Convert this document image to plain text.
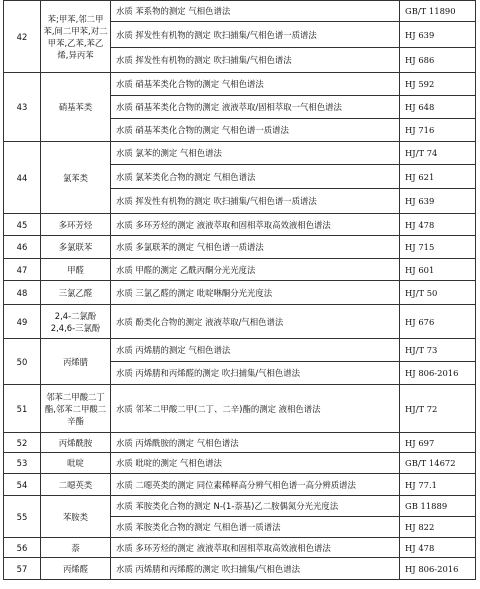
42	苯;甲苯,邻二甲苯,间二甲苯,对二甲苯,乙苯,苯乙烯,异丙苯	水质 苯系物的测定 气相色谱法	GB/T 11890
		水质 挥发性有机物的测定 吹扫捕集/气相色谱一质谱法	HJ 639
		水质 挥发性有机物的测定 吹扫捕集/气相色谱法	HJ 686
43	硝基苯类	水质 硝基苯类化合物的测定 气相色谱法	HJ 592
		水质 硝基苯类化合物的测定 液液萃取/固相萃取一气相色谱法	HJ 648
		水质 硝基苯类化合物的测定 气相色谱一质谱法	HJ 716
44	氯苯类	水质 氯苯的测定 气相色谱法	HJ/T 74
		水质 氯苯类化合物的测定 气相色谱法	HJ 621
		水质 挥发性有机物的测定 吹扫捕集/气相色谱一质谱法	HJ 639
45	多环芳烃	水质 多环芳烃的测定 液液萃取和固相萃取高效液相色谱法	HJ 478
46	多氯联苯	水质 多氯联苯的测定 气相色谱一质谱法	HJ 715
47	甲醛	水质 甲醛的测定 乙酰丙酮分光光度法	HJ 601
48	三氯乙醛	水质 三氯乙醛的测定 吡啶啉酮分光光度法	HJ/T 50
49	2,4-二氯酚 2,4,6-三氯酚	水质 酚类化合物的测定 液液萃取/气相色谱法	HJ 676
50	丙烯腈	水质 丙烯腈的测定 气相色谱法	HJ/T 73
		水质 丙烯腈和丙烯醛的测定 吹扫捕集/气相色谱法	HJ 806-2016
51	邻苯二甲酸二丁酯,邻苯二甲酸二辛酯	水质 邻苯二甲酸二甲(二丁、二辛)酯的测定 液相色谱法	HJ/T 72
52	丙烯酰胺	水质 丙烯酰胺的测定 气相色谱法	HJ 697
53	吡啶	水质 吡啶的测定 气相色谱法	GB/T 14672
54	二噁英类	水质 二噁英类的测定 同位素稀释高分辨气相色谱一高分辨质谱法	HJ 77.1
55	苯胺类	水质 苯胺类化合物的测定 N-(1-萘基)乙二胺偶氮分光光度法	GB 11889
		水质 苯胺类化合物的测定 气相色谱一质谱法	HJ 822
56	萘	水质 多环芳烃的测定 液液萃取和固相萃取高效液相色谱法	HJ 478
57	丙烯醛	水质 丙烯腈和丙烯醛的测定 吹扫捕集/气相色谱法	HJ 806-2016
